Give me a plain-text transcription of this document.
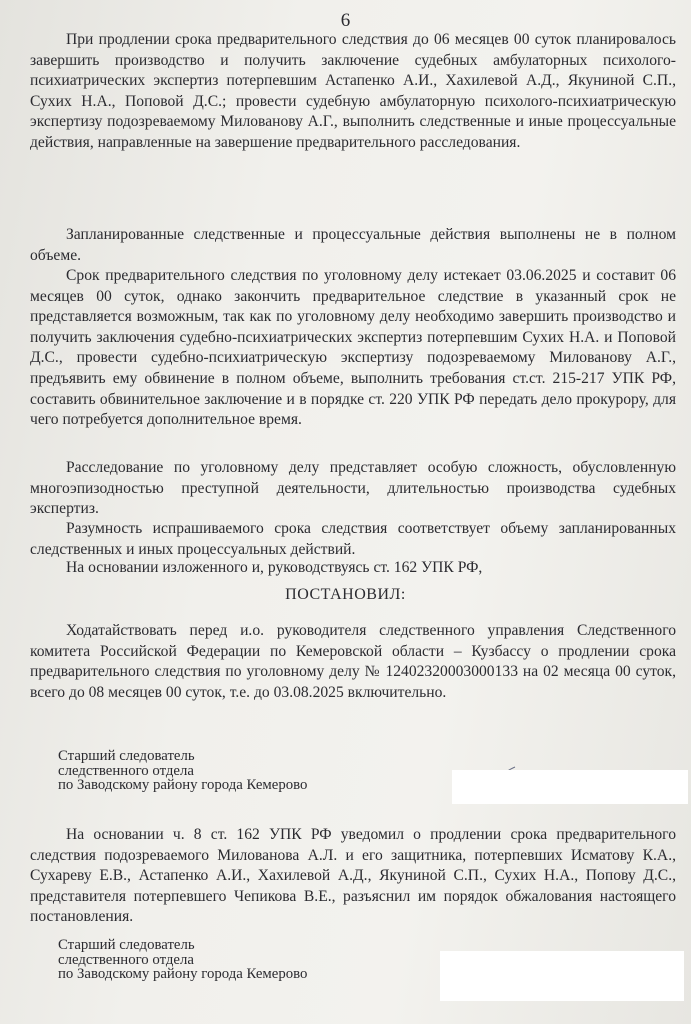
6

При продлении срока предварительного следствия до 06 месяцев 00 суток планировалось завершить производство и получить заключение судебных амбулаторных психолого-психиатрических экспертиз потерпевшим Астапенко А.И., Хахилевой А.Д., Якуниной С.П., Сухих Н.А., Поповой Д.С.; провести судебную амбулаторную психолого-психиатрическую экспертизу подозреваемому Милованову А.Г., выполнить следственные и иные процессуальные действия, направленные на завершение предварительного расследования.

Запланированные следственные и процессуальные действия выполнены не в полном объеме.

Срок предварительного следствия по уголовному делу истекает 03.06.2025 и составит 06 месяцев 00 суток, однако закончить предварительное следствие в указанный срок не представляется возможным, так как по уголовному делу необходимо завершить производство и получить заключения судебно-психиатрических экспертиз потерпевшим Сухих Н.А. и Поповой Д.С., провести судебно-психиатрическую экспертизу подозреваемому Милованову А.Г., предъявить ему обвинение в полном объеме, выполнить требования ст.ст. 215-217 УПК РФ, составить обвинительное заключение и в порядке ст. 220 УПК РФ передать дело прокурору, для чего потребуется дополнительное время.

Расследование по уголовному делу представляет особую сложность, обусловленную многоэпизодностью преступной деятельности, длительностью производства судебных экспертиз.

Разумность испрашиваемого срока следствия соответствует объему запланированных следственных и иных процессуальных действий.

На основании изложенного и, руководствуясь ст. 162 УПК РФ,

ПОСТАНОВИЛ:

Ходатайствовать перед и.о. руководителя следственного управления Следственного комитета Российской Федерации по Кемеровской области – Кузбассу о продлении срока предварительного следствия по уголовному делу № 12402320003000133 на 02 месяца 00 суток, всего до 08 месяцев 00 суток, т.е. до 03.08.2025 включительно.

Старший следователь
следственного отдела
по Заводскому району города Кемерово

На основании ч. 8 ст. 162 УПК РФ уведомил о продлении срока предварительного следствия подозреваемого Милованова А.Л. и его защитника, потерпевших Исматову К.А., Сухареву Е.В., Астапенко А.И., Хахилевой А.Д., Якуниной С.П., Сухих Н.А., Попову Д.С., представителя потерпевшего Чепикова В.Е., разъяснил им порядок обжалования настоящего постановления.

Старший следователь
следственного отдела
по Заводскому району города Кемерово
